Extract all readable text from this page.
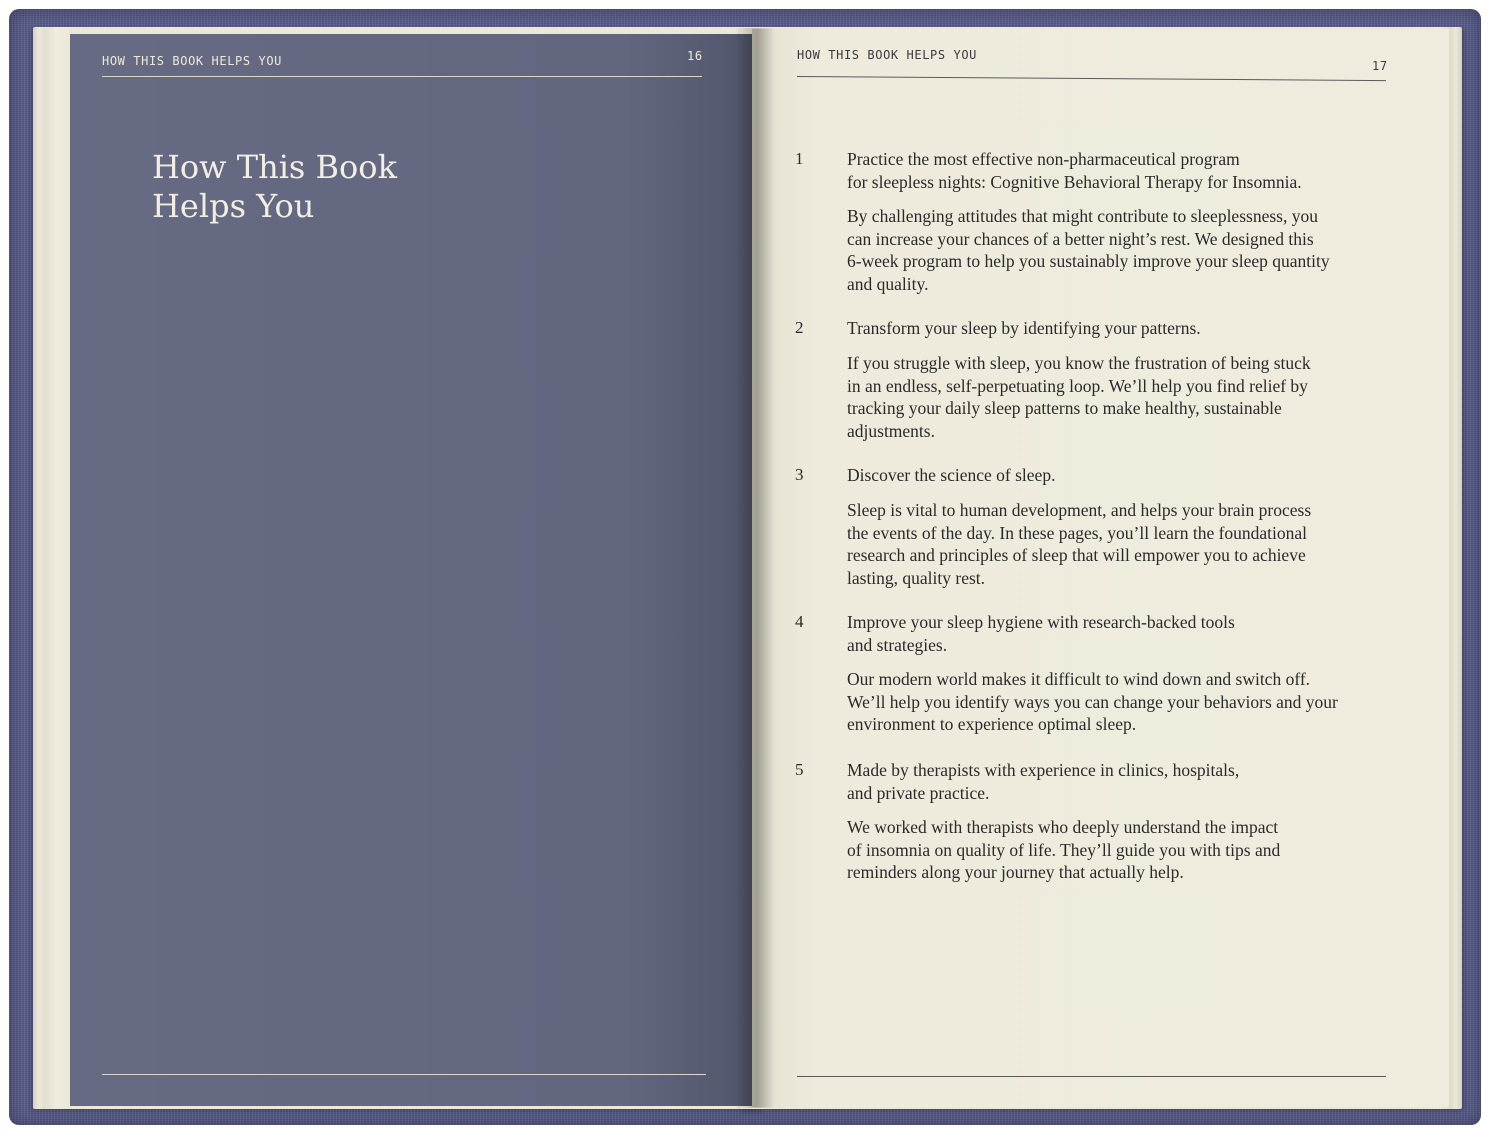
HOW THIS BOOK HELPS YOU	16
How This Book
Helps You
HOW THIS BOOK HELPS YOU
17
1 Practice the most effective non-pharmaceutical program
for sleepless nights: Cognitive Behavioral Therapy for Insomnia.

By challenging attitudes that might contribute to sleeplessness, you
can increase your chances of a better night’s rest. We designed this
6-week program to help you sustainably improve your sleep quantity
and quality.

2 Transform your sleep by identifying your patterns.

If you struggle with sleep, you know the frustration of being stuck
in an endless, self-perpetuating loop. We’ll help you find relief by
tracking your daily sleep patterns to make healthy, sustainable
adjustments.

3 Discover the science of sleep.

Sleep is vital to human development, and helps your brain process
the events of the day. In these pages, you’ll learn the foundational
research and principles of sleep that will empower you to achieve
lasting, quality rest.

4 Improve your sleep hygiene with research-backed tools
and strategies.

Our modern world makes it difficult to wind down and switch off.
We’ll help you identify ways you can change your behaviors and your
environment to experience optimal sleep.

5 Made by therapists with experience in clinics, hospitals,
and private practice.

We worked with therapists who deeply understand the impact
of insomnia on quality of life. They’ll guide you with tips and
reminders along your journey that actually help.
